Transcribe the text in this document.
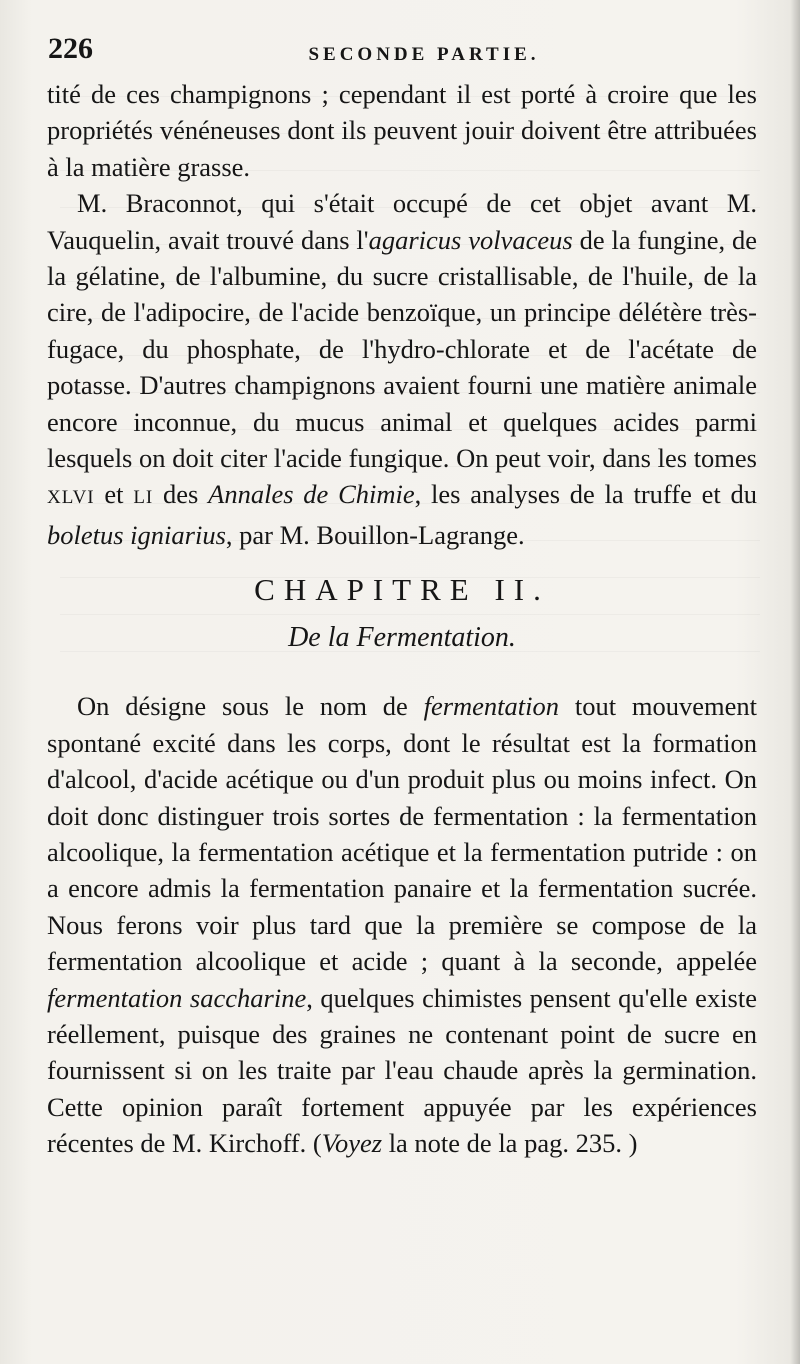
226	SECONDE PARTIE.

tité de ces champignons ; cependant il est porté à croire que les propriétés vénéneuses dont ils peuvent jouir doivent être attribuées à la matière grasse.

M. Braconnot, qui s'était occupé de cet objet avant M. Vauquelin, avait trouvé dans l'agaricus volvaceus de la fungine, de la gélatine, de l'albumine, du sucre cristallisable, de l'huile, de la cire, de l'adipocire, de l'acide benzoïque, un principe délétère très-fugace, du phosphate, de l'hydro-chlorate et de l'acétate de potasse. D'autres champignons avaient fourni une matière animale encore inconnue, du mucus animal et quelques acides parmi lesquels on doit citer l'acide fungique. On peut voir, dans les tomes XLVI et LI des Annales de Chimie, les analyses de la truffe et du boletus igniarius, par M. Bouillon-Lagrange.

CHAPITRE II.
De la Fermentation.

On désigne sous le nom de fermentation tout mouvement spontané excité dans les corps, dont le résultat est la formation d'alcool, d'acide acétique ou d'un produit plus ou moins infect. On doit donc distinguer trois sortes de fermentation : la fermentation alcoolique, la fermentation acétique et la fermentation putride : on a encore admis la fermentation panaire et la fermentation sucrée. Nous ferons voir plus tard que la première se compose de la fermentation alcoolique et acide ; quant à la seconde, appelée fermentation saccharine, quelques chimistes pensent qu'elle existe réellement, puisque des graines ne contenant point de sucre en fournissent si on les traite par l'eau chaude après la germination. Cette opinion paraît fortement appuyée par les expériences récentes de M. Kirchoff. (Voyez la note de la pag. 235. )
